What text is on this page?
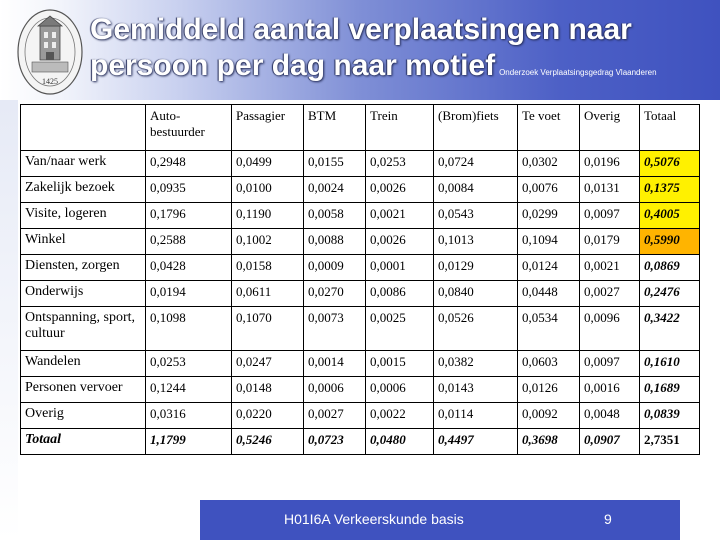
1425
Gemiddeld aantal verplaatsingen naar
persoon per dag naar motief Onderzoek Verplaatsingsgedrag Vlaanderen
	Auto-bestuurder	Passagier	BTM	Trein	(Brom)fiets	Te voet	Overig	Totaal
Van/naar werk	0,2948	0,0499	0,0155	0,0253	0,0724	0,0302	0,0196	0,5076
Zakelijk bezoek	0,0935	0,0100	0,0024	0,0026	0,0084	0,0076	0,0131	0,1375
Visite, logeren	0,1796	0,1190	0,0058	0,0021	0,0543	0,0299	0,0097	0,4005
Winkel	0,2588	0,1002	0,0088	0,0026	0,1013	0,1094	0,0179	0,5990
Diensten, zorgen	0,0428	0,0158	0,0009	0,0001	0,0129	0,0124	0,0021	0,0869
Onderwijs	0,0194	0,0611	0,0270	0,0086	0,0840	0,0448	0,0027	0,2476
Ontspanning, sport, cultuur	0,1098	0,1070	0,0073	0,0025	0,0526	0,0534	0,0096	0,3422
Wandelen	0,0253	0,0247	0,0014	0,0015	0,0382	0,0603	0,0097	0,1610
Personen vervoer	0,1244	0,0148	0,0006	0,0006	0,0143	0,0126	0,0016	0,1689
Overig	0,0316	0,0220	0,0027	0,0022	0,0114	0,0092	0,0048	0,0839
Totaal	1,1799	0,5246	0,0723	0,0480	0,4497	0,3698	0,0907	2,7351
H01I6A Verkeerskunde basis	9
